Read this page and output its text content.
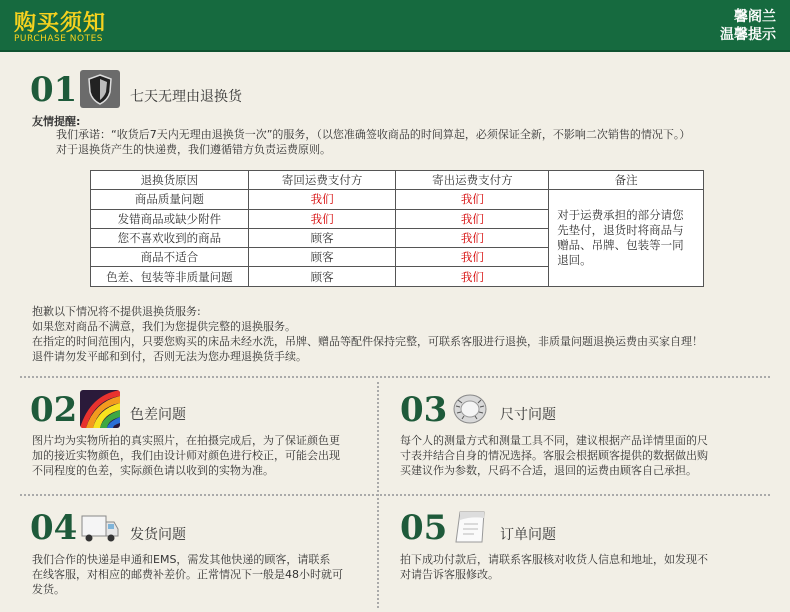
购买须知
PURCHASE NOTES
馨阁兰
温馨提示
01	七天无理由退换货
友情提醒:
我们承诺：“收货后7天内无理由退换货一次”的服务，（以您准确签收商品的时间算起，必须保证全新，不影响二次销售的情况下。）
对于退换货产生的快递费，我们遵循错方负责运费原则。
退换货原因	寄回运费支付方	寄出运费支付方	备注
商品质量问题	我们	我们	对于运费承担的部分请您先垫付，退货时将商品与赠品、吊牌、包装等一同退回。
发错商品或缺少附件	我们	我们	
您不喜欢收到的商品	顾客	我们	
商品不适合	顾客	我们	
色差、包装等非质量问题	顾客	我们	
抱歉以下情况将不提供退换货服务:
如果您对商品不满意，我们为您提供完整的退换服务。
在指定的时间范围内，只要您购买的床品未经水洗，吊牌、赠品等配件保持完整，可联系客服进行退换，非质量问题退换运费由买家自理！
退件请勿发平邮和到付，否则无法为您办理退换货手续。
02	色差问题
图片均为实物所拍的真实照片，在拍摄完成后，为了保证颜色更
加的接近实物颜色，我们由设计师对颜色进行校正，可能会出现
不同程度的色差，实际颜色请以收到的实物为准。
03	尺寸问题
每个人的测量方式和测量工具不同，建议根据产品详情里面的尺
寸表并结合自身的情况选择。客服会根据顾客提供的数据做出购
买建议作为参数，尺码不合适，退回的运费由顾客自己承担。
04	发货问题
我们合作的快递是申通和EMS，需发其他快递的顾客，请联系
在线客服，对相应的邮费补差价。正常情况下一般是48小时就可
发货。
05	订单问题
拍下成功付款后，请联系客服核对收货人信息和地址，如发现不
对请告诉客服修改。
